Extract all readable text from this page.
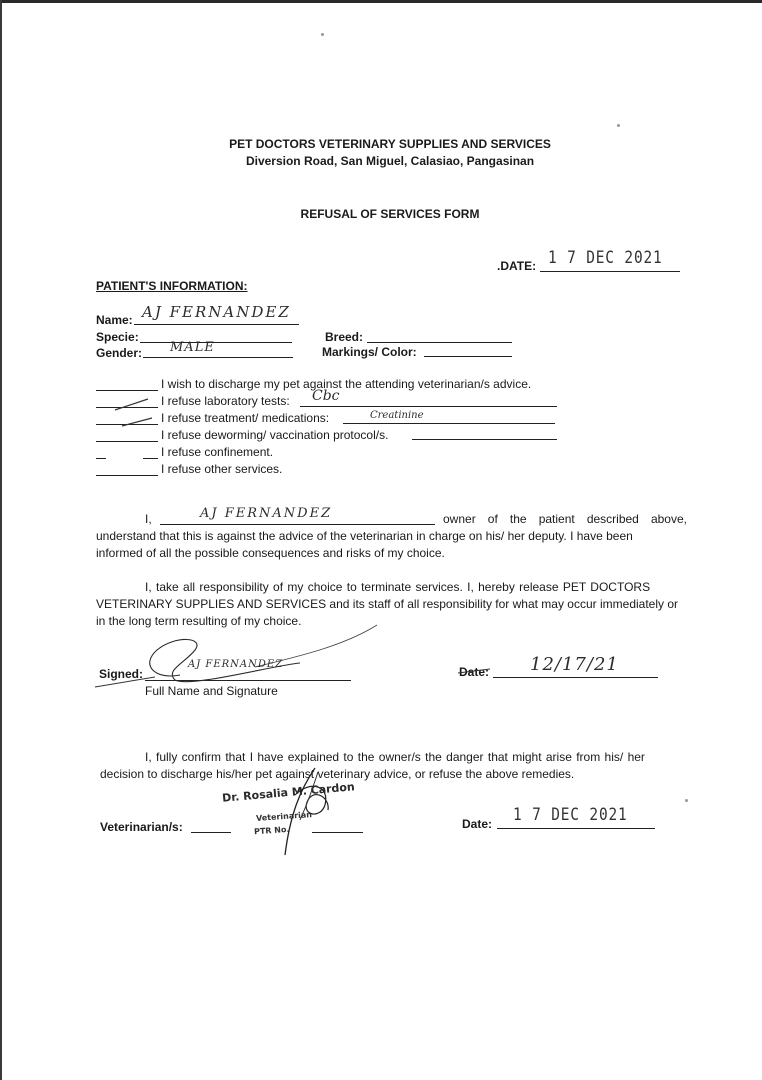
PET DOCTORS VETERINARY SUPPLIES AND SERVICES
Diversion Road, San Miguel, Calasiao, Pangasinan
REFUSAL OF SERVICES FORM
.DATE: 1 7 DEC 2021
PATIENT'S INFORMATION:
Name: AJ FERNANDEZ
Specie:	Breed:
Gender: MALE	Markings/ Color:
I wish to discharge my pet against the attending veterinarian/s advice.
I refuse laboratory tests: Cbc
I refuse treatment/ medications:	Creatinine
I refuse deworming/ vaccination protocol/s.
I refuse confinement.
I refuse other services.
I,	AJ FERNANDEZ	owner of the patient described above,
understand that this is against the advice of the veterinarian in charge on his/ her deputy. I have been
informed of all the possible consequences and risks of my choice.
I, take all responsibility of my choice to terminate services. I, hereby release PET DOCTORS
VETERINARY SUPPLIES AND SERVICES and its staff of all responsibility for what may occur immediately or
in the long term resulting of my choice.
Signed:
AJ FERNANDEZ
Full Name and Signature
Date: 12/17/21
I, fully confirm that I have explained to the owner/s the danger that might arise from his/ her
decision to discharge his/her pet against veterinary advice, or refuse the above remedies.
Veterinarian/s:
Dr. Rosalia M. Cardon
Veterinarian
PTR No.	Date: 1 7 DEC 2021
